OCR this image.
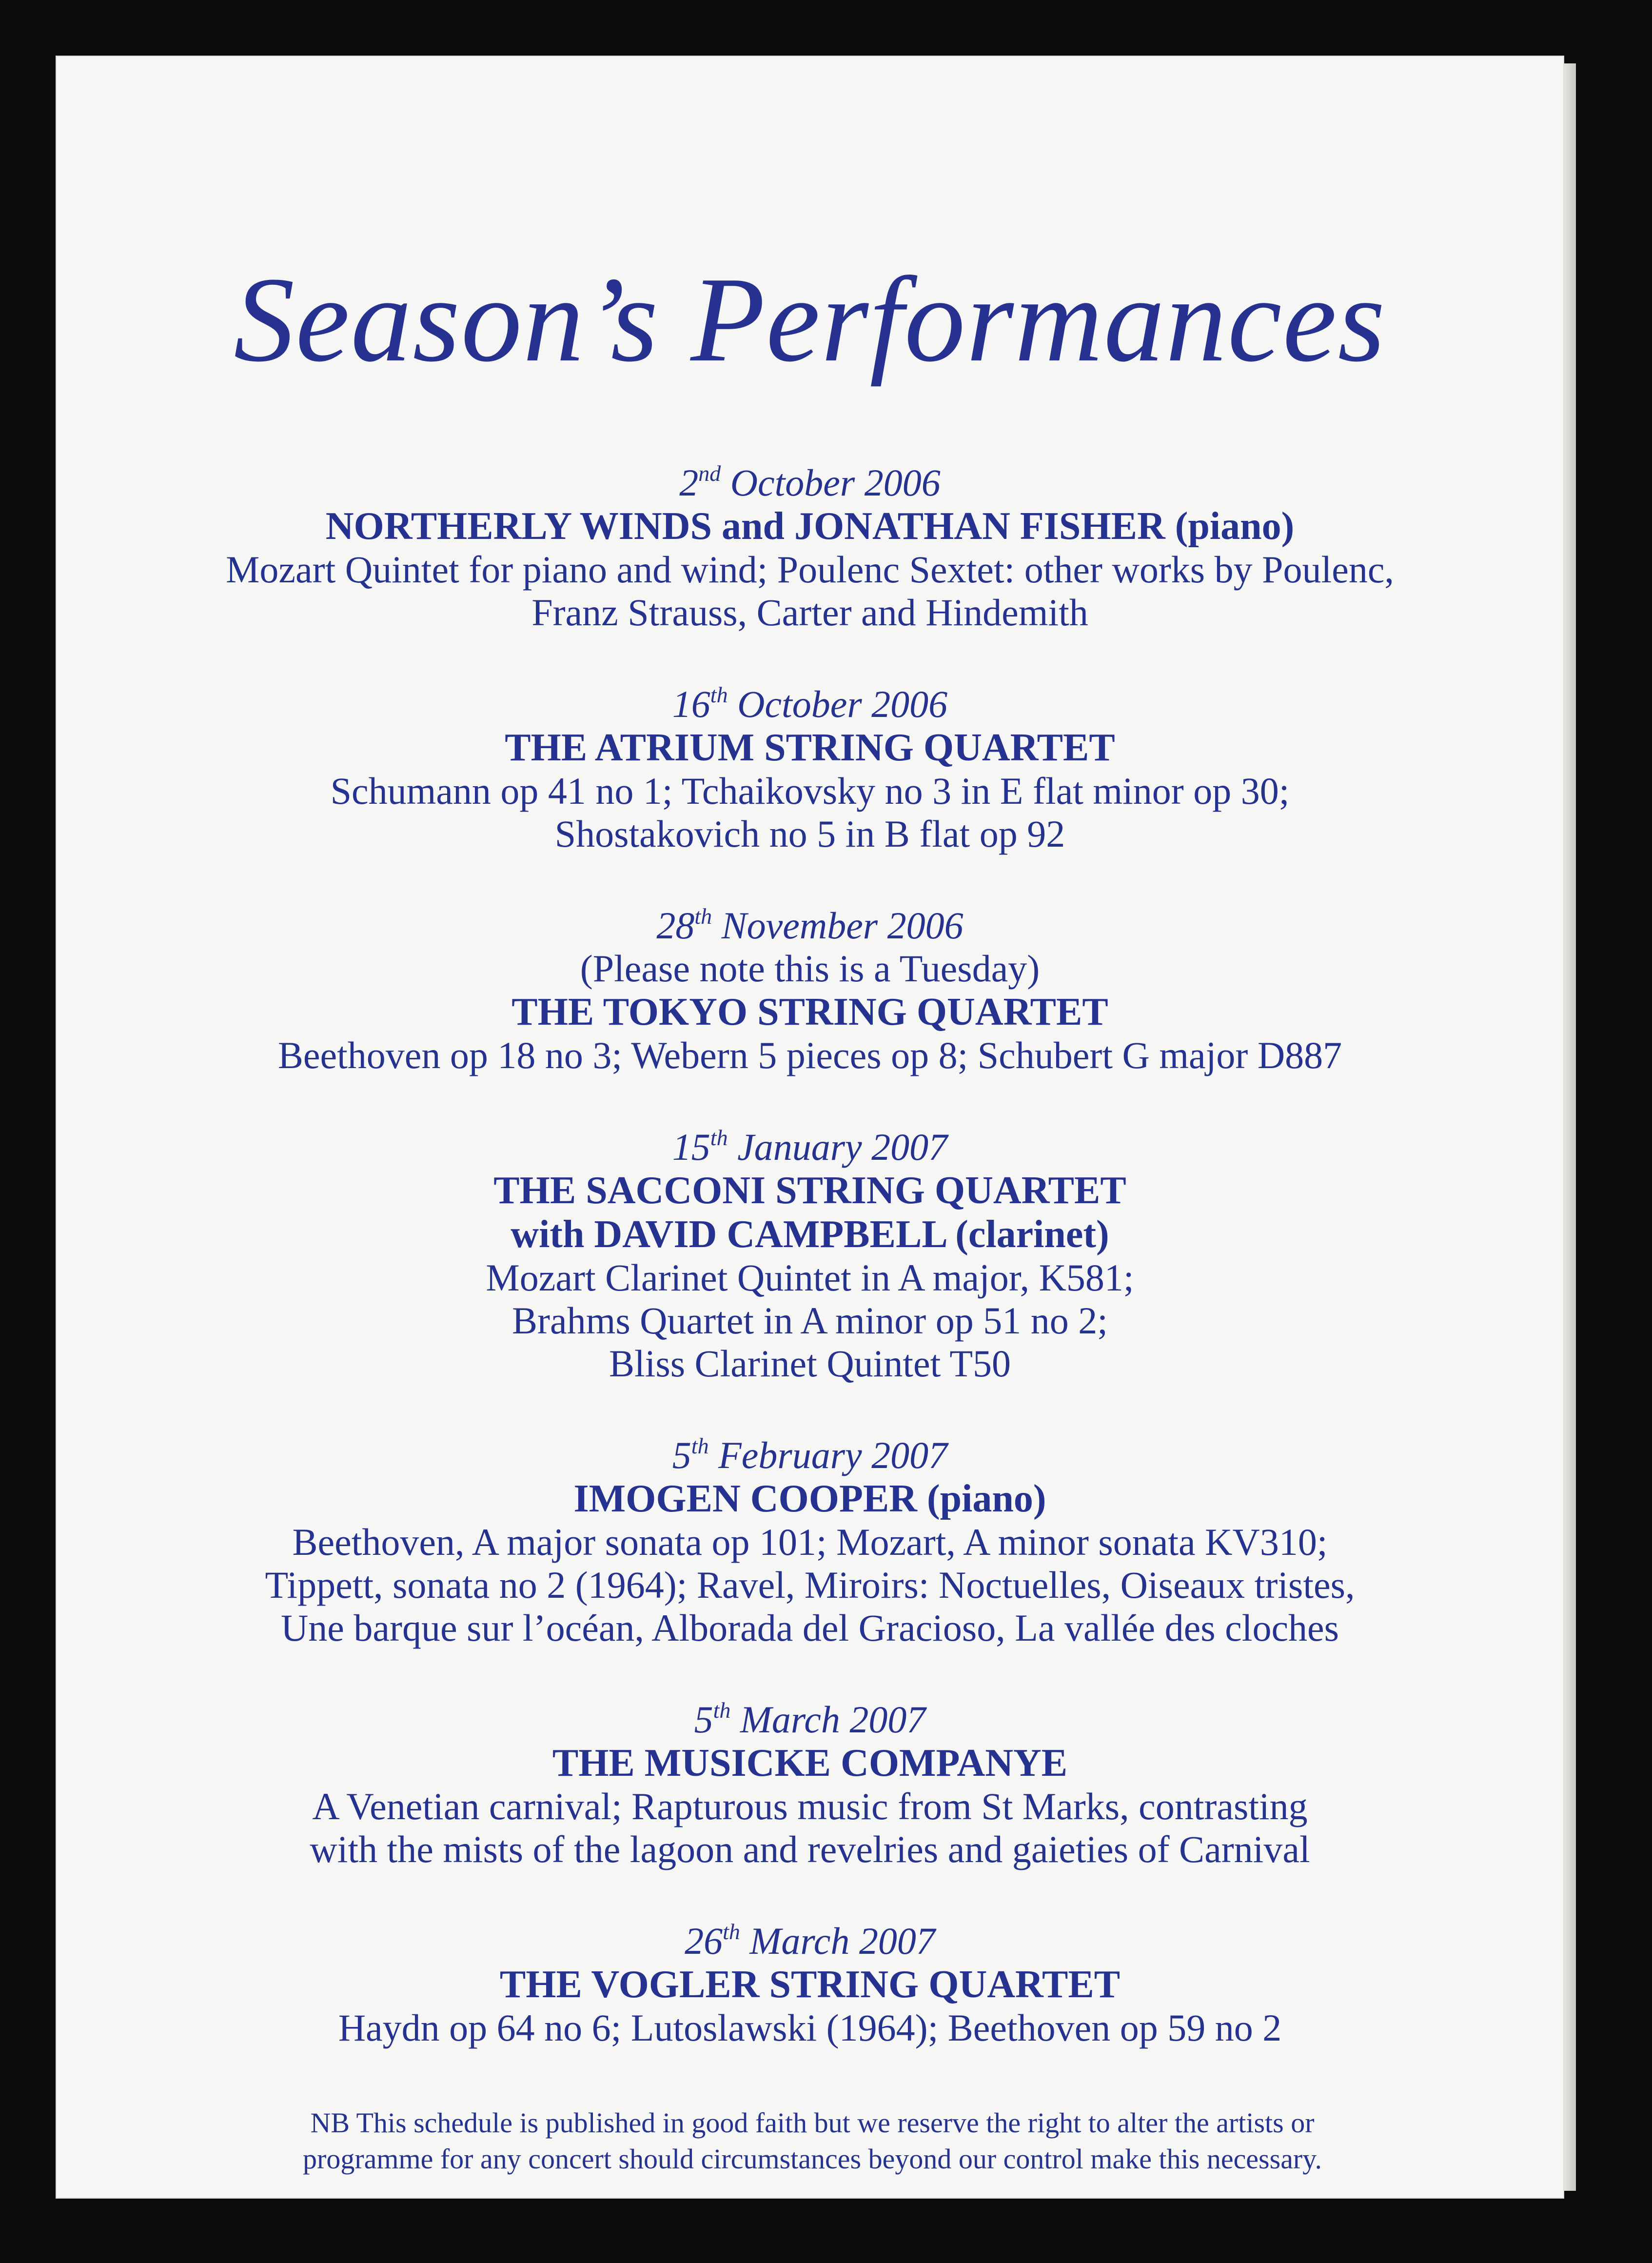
Season’s Performances
2nd October 2006
NORTHERLY WINDS and JONATHAN FISHER (piano)
Mozart Quintet for piano and wind; Poulenc Sextet: other works by Poulenc,
Franz Strauss, Carter and Hindemith
16th October 2006
THE ATRIUM STRING QUARTET
Schumann op 41 no 1; Tchaikovsky no 3 in E flat minor op 30;
Shostakovich no 5 in B flat op 92
28th November 2006
(Please note this is a Tuesday)
THE TOKYO STRING QUARTET
Beethoven op 18 no 3; Webern 5 pieces op 8; Schubert G major D887
15th January 2007
THE SACCONI STRING QUARTET
with DAVID CAMPBELL (clarinet)
Mozart Clarinet Quintet in A major, K581;
Brahms Quartet in A minor op 51 no 2;
Bliss Clarinet Quintet T50
5th February 2007
IMOGEN COOPER (piano)
Beethoven, A major sonata op 101; Mozart, A minor sonata KV310;
Tippett, sonata no 2 (1964); Ravel, Miroirs: Noctuelles, Oiseaux tristes,
Une barque sur l’océan, Alborada del Gracioso, La vallée des cloches
5th March 2007
THE MUSICKE COMPANYE
A Venetian carnival; Rapturous music from St Marks, contrasting
with the mists of the lagoon and revelries and gaieties of Carnival
26th March 2007
THE VOGLER STRING QUARTET
Haydn op 64 no 6; Lutoslawski (1964); Beethoven op 59 no 2
NB This schedule is published in good faith but we reserve the right to alter the artists or
programme for any concert should circumstances beyond our control make this necessary.
